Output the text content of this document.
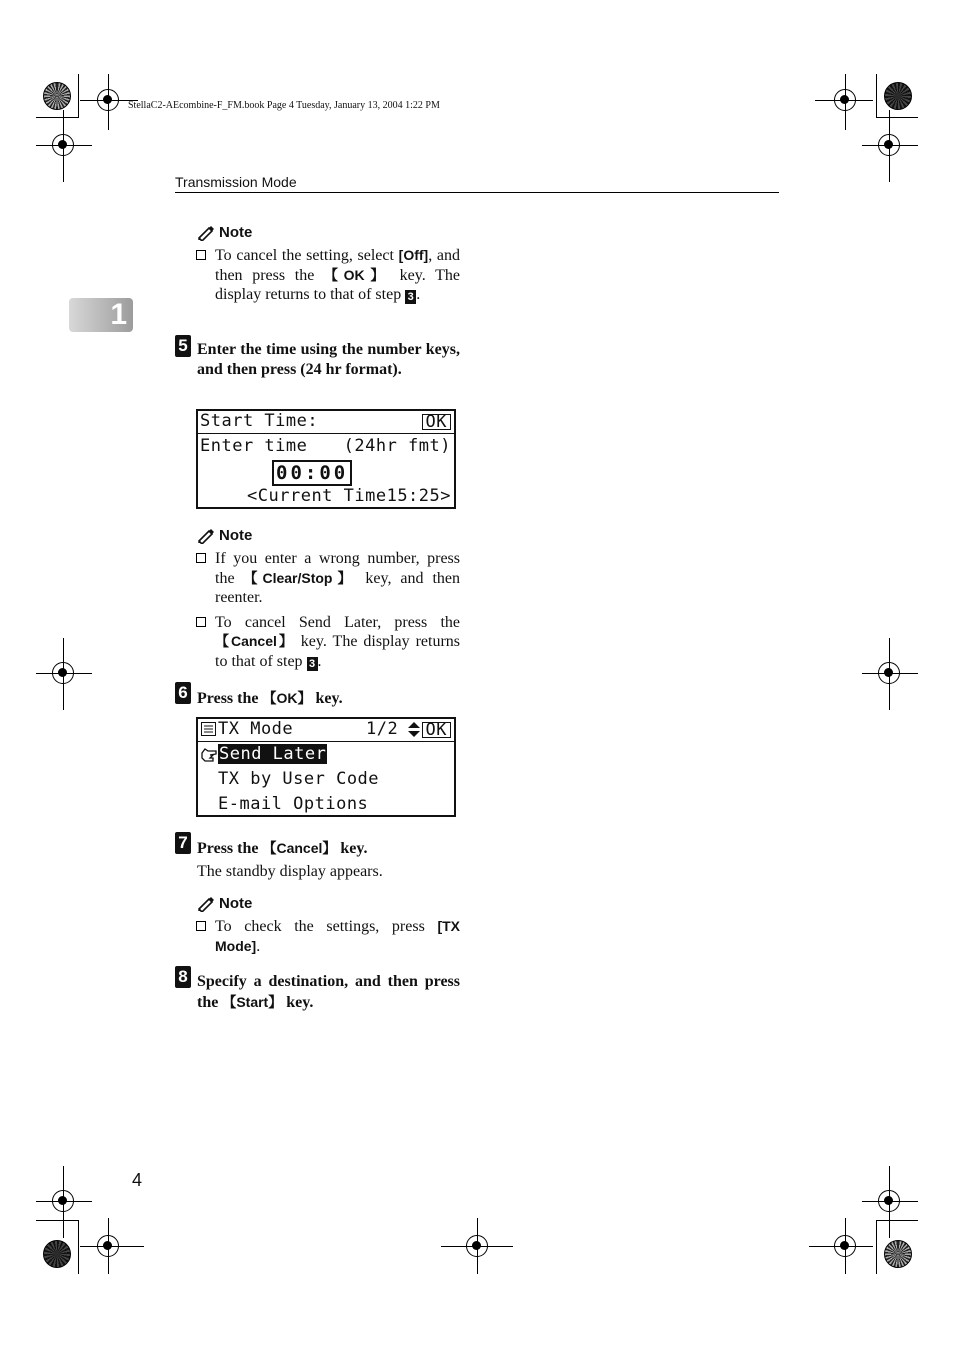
StellaC2-AEcombine-F_FM.book Page 4 Tuesday, January 13, 2004 1:22 PM
Transmission Mode
1
Note
To cancel the setting, select [Off], and then press the 【OK】 key. The display returns to that of step 3 .
5 Enter the time using the number keys, and then press (24 hr format).
Start Time:	OK
Enter time (24hr fmt)
00:00
<Current Time15:25>
Note
If you enter a wrong number, press the 【Clear/Stop】 key, and then reenter.
To cancel Send Later, press the 【Cancel】 key. The display returns to that of step 3 .
6 Press the 【OK】 key.
TX Mode	1/2 OK
Send Later
TX by User Code
E-mail Options
7 Press the 【Cancel】 key.
The standby display appears.
Note
To check the settings, press [TX Mode].
8 Specify a destination, and then press the 【Start】 key.
4
